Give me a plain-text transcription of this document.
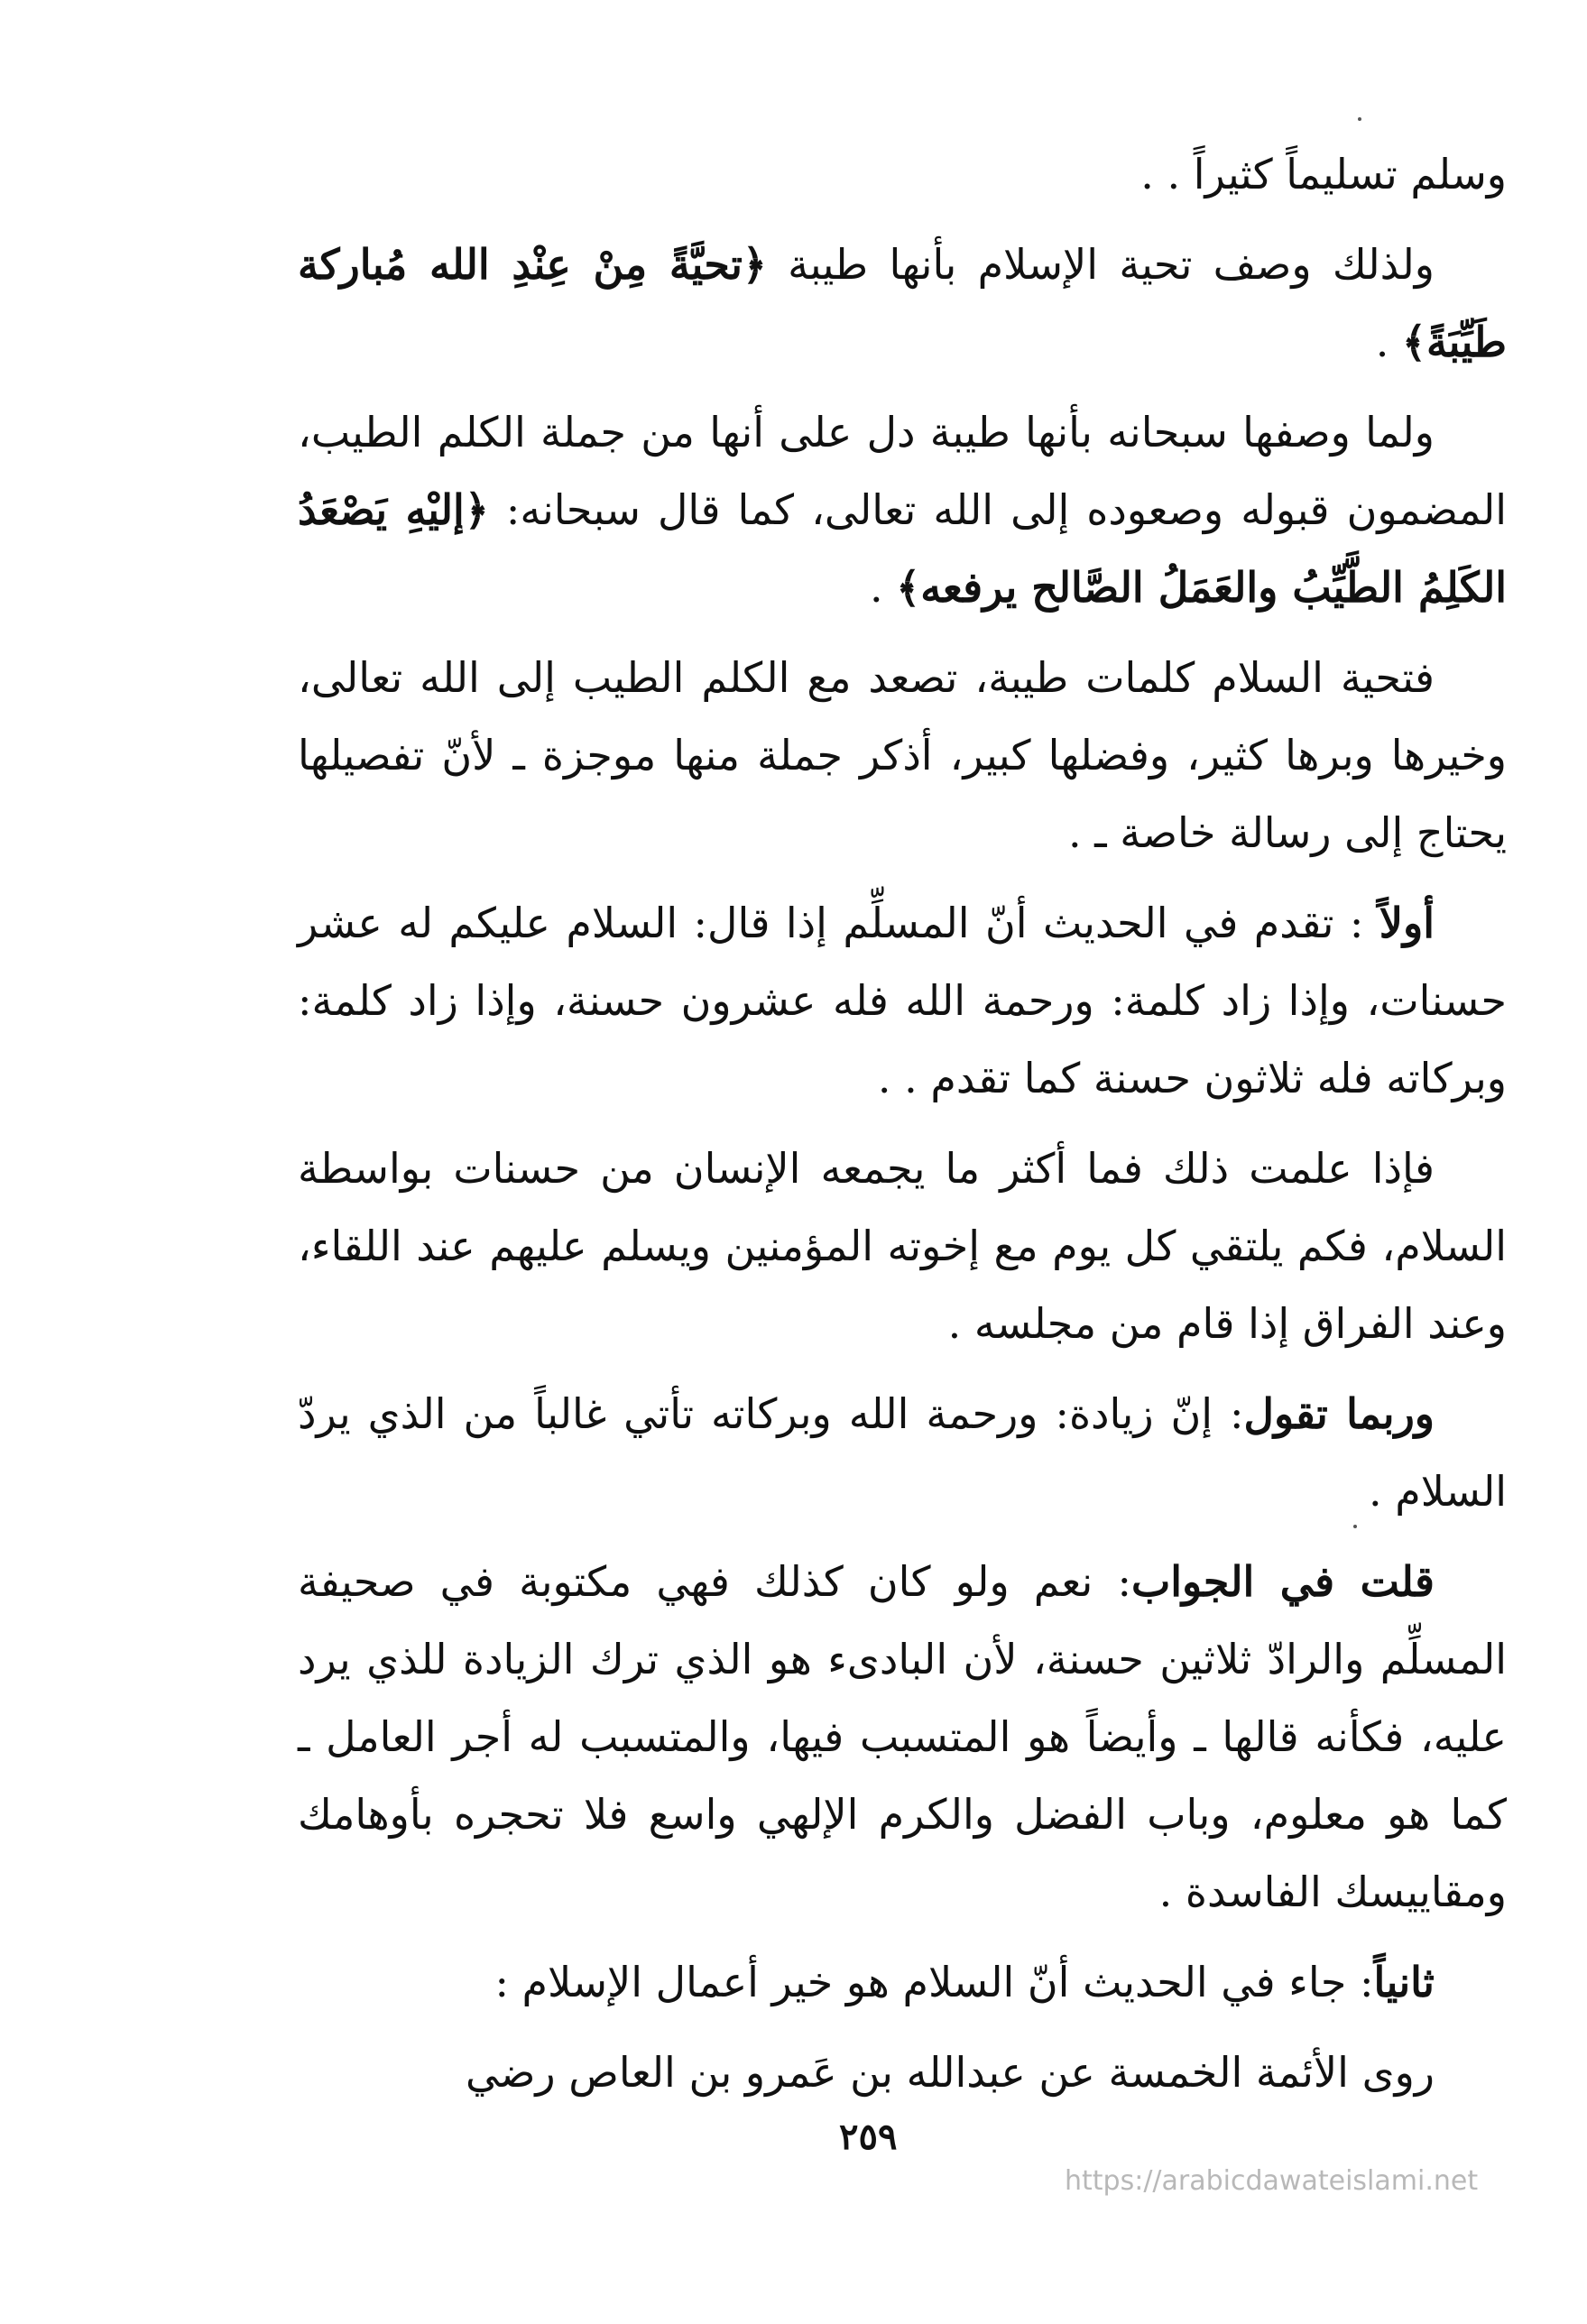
وسلم تسليماً كثيراً . .

ولذلك وصف تحية الإسلام بأنها طيبة ﴿تحيَّةً مِنْ عِنْدِ الله مُباركة طَيِّبَةً﴾ .

ولما وصفها سبحانه بأنها طيبة دل على أنها من جملة الكلم الطيب، المضمون قبوله وصعوده إلى الله تعالى، كما قال سبحانه: ﴿إليْهِ يَصْعَدُ الكَلِمُ الطَّيِّبُ والعَمَلُ الصَّالح يرفعه﴾ .

فتحية السلام كلمات طيبة، تصعد مع الكلم الطيب إلى الله تعالى، وخيرها وبرها كثير، وفضلها كبير، أذكر جملة منها موجزة ـ لأنّ تفصيلها يحتاج إلى رسالة خاصة ـ .

أولاً : تقدم في الحديث أنّ المسلِّم إذا قال: السلام عليكم له عشر حسنات، وإذا زاد كلمة: ورحمة الله فله عشرون حسنة، وإذا زاد كلمة: وبركاته فله ثلاثون حسنة كما تقدم . .

فإذا علمت ذلك فما أكثر ما يجمعه الإنسان من حسنات بواسطة السلام، فكم يلتقي كل يوم مع إخوته المؤمنين ويسلم عليهم عند اللقاء، وعند الفراق إذا قام من مجلسه .

وربما تقول: إنّ زيادة: ورحمة الله وبركاته تأتي غالباً من الذي يردّ السلام .

قلت في الجواب: نعم ولو كان كذلك فهي مكتوبة في صحيفة المسلِّم والرادّ ثلاثين حسنة، لأن البادىء هو الذي ترك الزيادة للذي يرد عليه، فكأنه قالها ـ وأيضاً هو المتسبب فيها، والمتسبب له أجر العامل ـ كما هو معلوم، وباب الفضل والكرم الإلهي واسع فلا تحجره بأوهامك ومقاييسك الفاسدة .

ثانياً: جاء في الحديث أنّ السلام هو خير أعمال الإسلام :

روى الأئمة الخمسة عن عبدالله بن عَمرو بن العاص رضي

٢٥٩
https://arabicdawateislami.net
